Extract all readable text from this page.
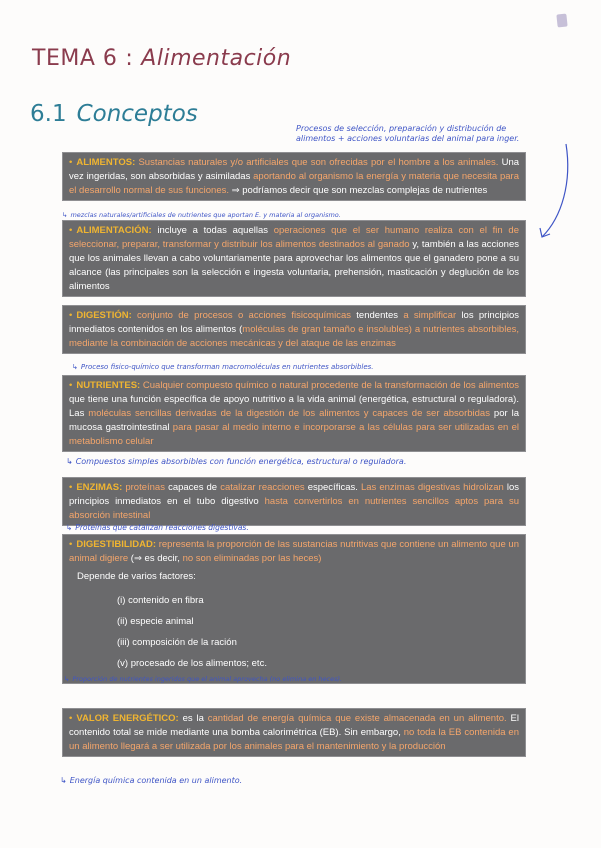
TEMA 6 : Alimentación
6.1 Conceptos
Procesos de selección, preparación y distribución de
alimentos + acciones voluntarias del animal para inger.

• ALIMENTOS: Sustancias naturales y/o artificiales que son ofrecidas por el hombre a los animales. Una vez ingeridas, son absorbidas y asimiladas aportando al organismo la energía y materia que necesita para el desarrollo normal de sus funciones. ⇒ podríamos decir que son mezclas complejas de nutrientes

↳ mezclas naturales/artificiales de nutrientes que aportan E. y materia al organismo.

• ALIMENTACIÓN: incluye a todas aquellas operaciones que el ser humano realiza con el fin de seleccionar, preparar, transformar y distribuir los alimentos destinados al ganado y, también a las acciones que los animales llevan a cabo voluntariamente para aprovechar los alimentos que el ganadero pone a su alcance (las principales son la selección e ingesta voluntaria, prehensión, masticación y deglución de los alimentos

• DIGESTIÓN: conjunto de procesos o acciones fisicoquímicas tendentes a simplificar los principios inmediatos contenidos en los alimentos (moléculas de gran tamaño e insolubles) a nutrientes absorbibles, mediante la combinación de acciones mecánicas y del ataque de las enzimas

↳ Proceso fisico-químico que transforman macromoléculas en nutrientes absorbibles.

• NUTRIENTES: Cualquier compuesto químico o natural procedente de la transformación de los alimentos que tiene una función específica de apoyo nutritivo a la vida animal (energética, estructural o reguladora). Las moléculas sencillas derivadas de la digestión de los alimentos y capaces de ser absorbidas por la mucosa gastrointestinal para pasar al medio interno e incorporarse a las células para ser utilizadas en el metabolismo celular

↳ Compuestos simples absorbibles con función energética, estructural o reguladora.

• ENZIMAS: proteínas capaces de catalizar reacciones específicas. Las enzimas digestivas hidrolizan los principios inmediatos en el tubo digestivo hasta convertirlos en nutrientes sencillos aptos para su absorción intestinal

↳ Proteínas que catalizan reacciones digestivas.

• DIGESTIBILIDAD: representa la proporción de las sustancias nutritivas que contiene un alimento que un animal digiere (⇒ es decir, no son eliminadas por las heces)

Depende de varios factores:
(i) contenido en fibra
(ii) especie animal
(iii) composición de la ración
(v) procesado de los alimentos; etc.
↳ Proporción de nutrientes ingeridos que el animal aprovecha (no elimina en heces).

• VALOR ENERGÉTICO: es la cantidad de energía química que existe almacenada en un alimento. El contenido total se mide mediante una bomba calorimétrica (EB). Sin embargo, no toda la EB contenida en un alimento llegará a ser utilizada por los animales para el mantenimiento y la producción

↳ Energía química contenida en un alimento.
